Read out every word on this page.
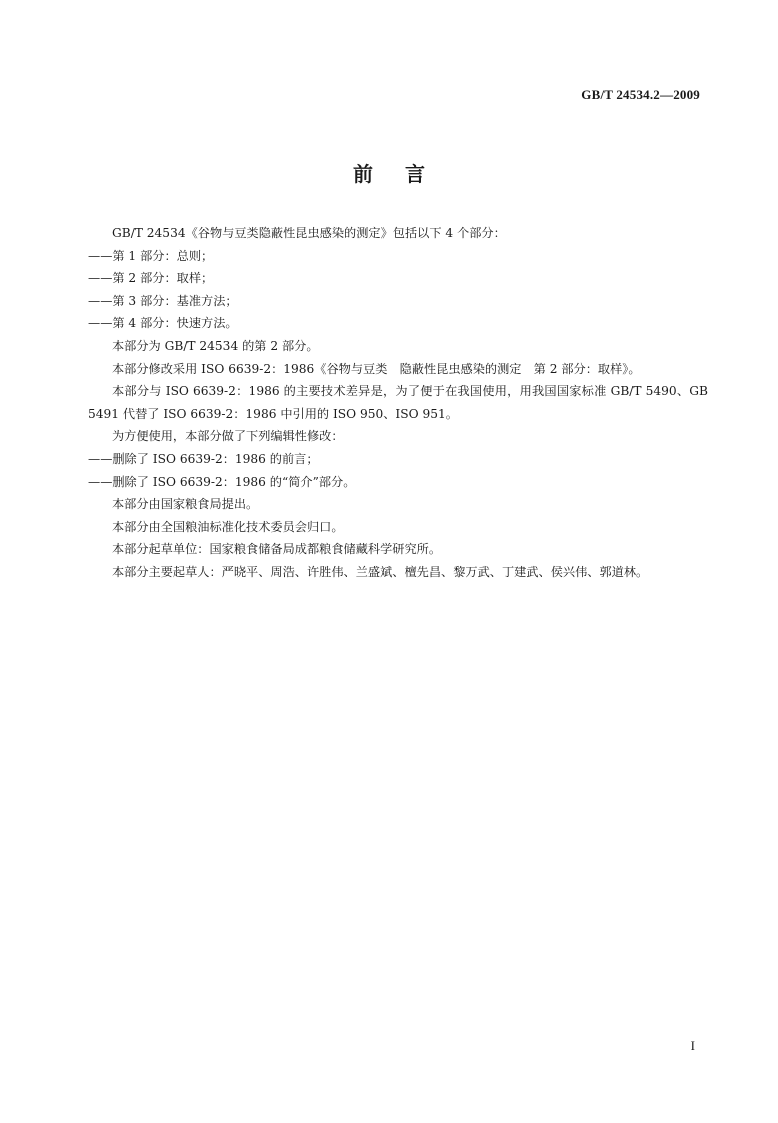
GB/T 24534.2—2009
前言

GB/T 24534《谷物与豆类隐蔽性昆虫感染的测定》包括以下 4 个部分：

——第 1 部分：总则；

——第 2 部分：取样；

——第 3 部分：基准方法；

——第 4 部分：快速方法。

本部分为 GB/T 24534 的第 2 部分。

本部分修改采用 ISO 6639-2：1986《谷物与豆类　隐蔽性昆虫感染的测定　第 2 部分：取样》。

本部分与 ISO 6639-2：1986 的主要技术差异是，为了便于在我国使用，用我国国家标准 GB/T 5490、GB 5491 代替了 ISO 6639-2：1986 中引用的 ISO 950、ISO 951。

为方便使用，本部分做了下列编辑性修改：

——删除了 ISO 6639-2：1986 的前言；

——删除了 ISO 6639-2：1986 的“简介”部分。

本部分由国家粮食局提出。

本部分由全国粮油标准化技术委员会归口。

本部分起草单位：国家粮食储备局成都粮食储藏科学研究所。

本部分主要起草人：严晓平、周浩、许胜伟、兰盛斌、檀先昌、黎万武、丁建武、侯兴伟、郭道林。

I
